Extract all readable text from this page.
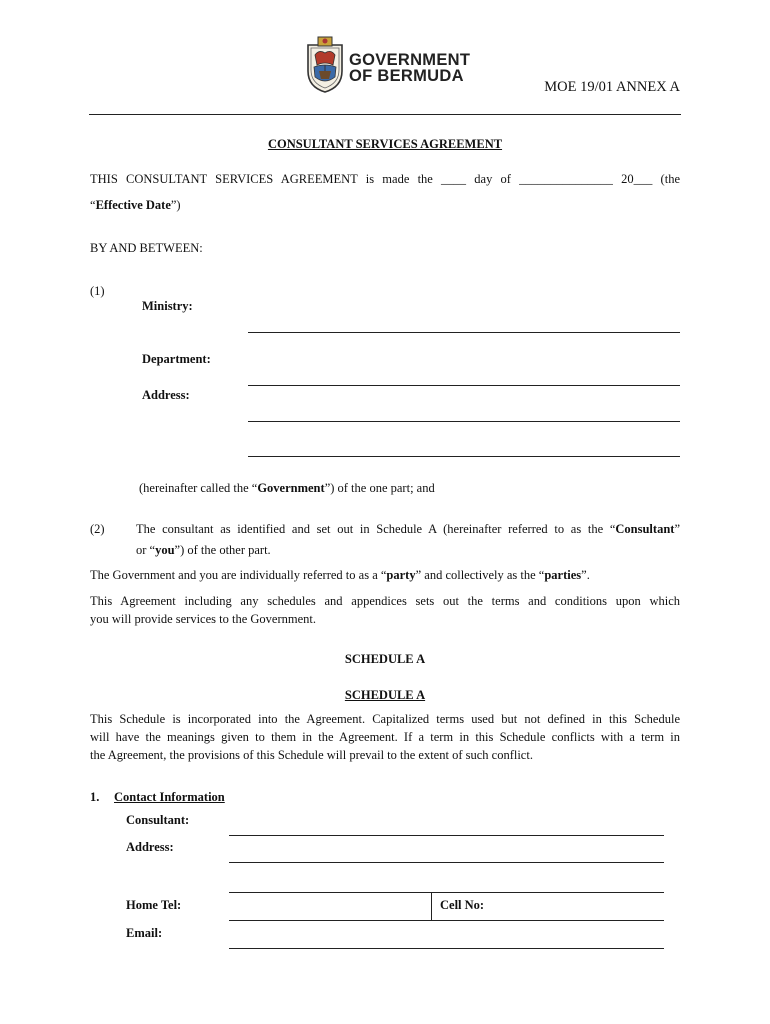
GOVERNMENT
OF BERMUDA
MOE 19/01 ANNEX A
CONSULTANT SERVICES AGREEMENT
THIS CONSULTANT SERVICES AGREEMENT is made the ____ day of _______________ 20___ (the
“Effective Date”)
BY AND BETWEEN:
(1)
Ministry:
Department:
Address:
(hereinafter called the “Government”) of the one part; and
(2)	The consultant as identified and set out in Schedule A (hereinafter referred to as the “Consultant”
or “you”) of the other part.
The Government and you are individually referred to as a “party” and collectively as the “parties”.
This Agreement including any schedules and appendices sets out the terms and conditions upon which
you will provide services to the Government.
SCHEDULE A
SCHEDULE A
This Schedule is incorporated into the Agreement. Capitalized terms used but not defined in this Schedule
will have the meanings given to them in the Agreement. If a term in this Schedule conflicts with a term in
the Agreement, the provisions of this Schedule will prevail to the extent of such conflict.
1. Contact Information
Consultant:
Address:
Home Tel:	Cell No:
Email:
